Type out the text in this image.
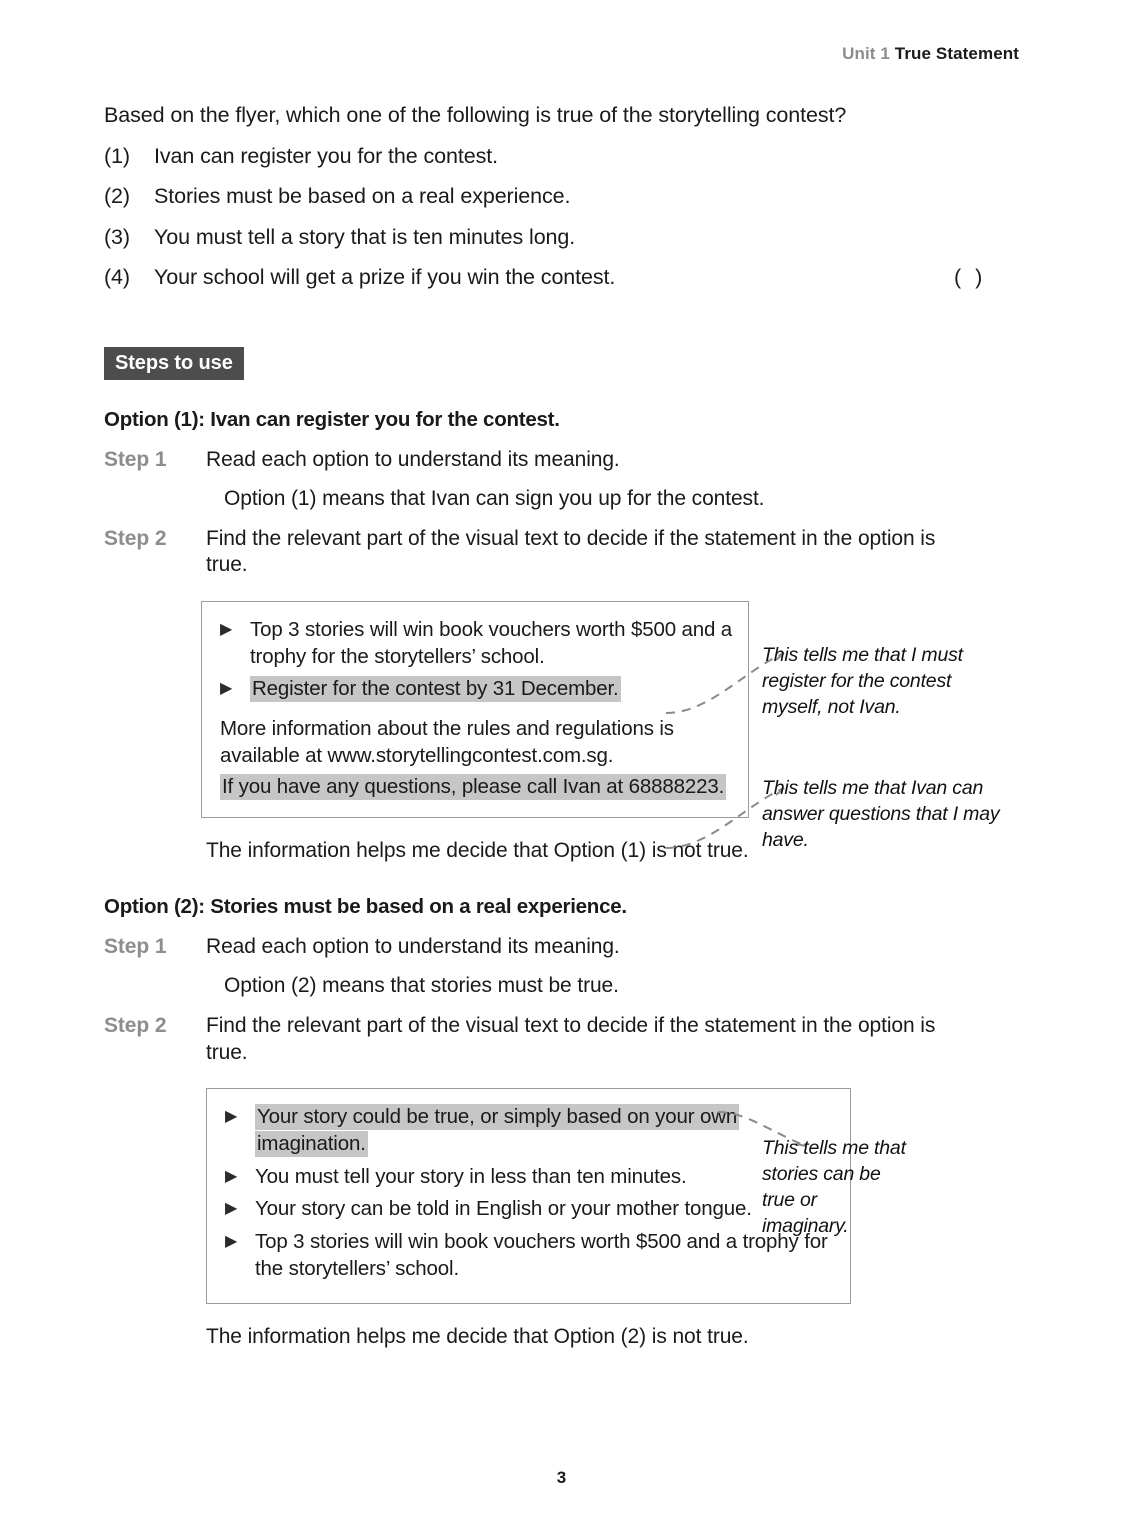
Unit 1 True Statement
Based on the flyer, which one of the following is true of the storytelling contest?
(1)	Ivan can register you for the contest.
(2)	Stories must be based on a real experience.
(3)	You must tell a story that is ten minutes long.
(4)	Your school will get a prize if you win the contest.	( )
Steps to use
Option (1): Ivan can register you for the contest.
Step 1	Read each option to understand its meaning.
Option (1) means that Ivan can sign you up for the contest.
Step 2	Find the relevant part of the visual text to decide if the statement in the option is true.
▶ Top 3 stories will win book vouchers worth $500 and a trophy for the storytellers’ school.
▶ Register for the contest by 31 December.
More information about the rules and regulations is available at www.storytellingcontest.com.sg.
If you have any questions, please call Ivan at 68888223.
This tells me that I must register for the contest myself, not Ivan.
This tells me that Ivan can answer questions that I may have.
The information helps me decide that Option (1) is not true.
Option (2): Stories must be based on a real experience.
Step 1	Read each option to understand its meaning.
Option (2) means that stories must be true.
Step 2	Find the relevant part of the visual text to decide if the statement in the option is true.
▶ Your story could be true, or simply based on your own imagination.
▶ You must tell your story in less than ten minutes.
▶ Your story can be told in English or your mother tongue.
▶ Top 3 stories will win book vouchers worth $500 and a trophy for the storytellers’ school.
This tells me that stories can be true or imaginary.
The information helps me decide that Option (2) is not true.
3
